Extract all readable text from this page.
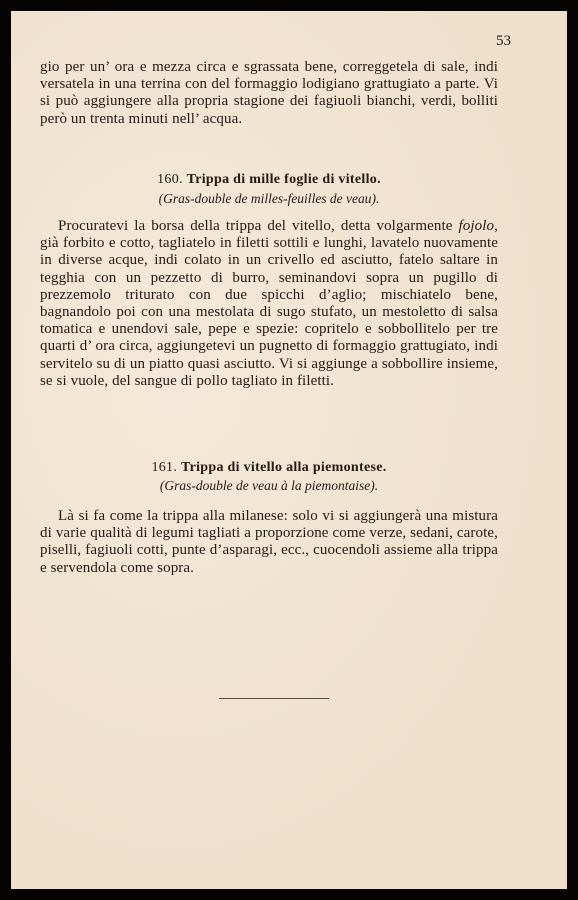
53

gio per un’ ora e mezza circa e sgrassata bene, correggetela di sale, indi versatela in una terrina con del formaggio lodigiano grattugiato a parte. Vi si può aggiungere alla propria stagione dei fagiuoli bianchi, verdi, bolliti però un trenta minuti nell’ acqua.

160. Trippa di mille foglie di vitello.

(Gras-double de milles-feuilles de veau).

Procuratevi la borsa della trippa del vitello, detta volgarmente fojolo, già forbito e cotto, tagliatelo in filetti sottili e lunghi, lavatelo nuovamente in diverse acque, indi colato in un crivello ed asciutto, fatelo saltare in tegghia con un pezzetto di burro, seminandovi sopra un pugillo di prezzemolo triturato con due spicchi d’aglio; mischiatelo bene, bagnandolo poi con una mestolata di sugo stufato, un mestoletto di salsa tomatica e unendovi sale, pepe e spezie: copritelo e sobbollitelo per tre quarti d’ ora circa, aggiungetevi un pugnetto di formaggio grattugiato, indi servitelo su di un piatto quasi asciutto. Vi si aggiunge a sobbollire insieme, se si vuole, del sangue di pollo tagliato in filetti.

161. Trippa di vitello alla piemontese.

(Gras-double de veau à la piemontaise).

Là si fa come la trippa alla milanese: solo vi si aggiungerà una mistura di varie qualità di legumi tagliati a proporzione come verze, sedani, carote, piselli, fagiuoli cotti, punte d’asparagi, ecc., cuocendoli assieme alla trippa e servendola come sopra.
